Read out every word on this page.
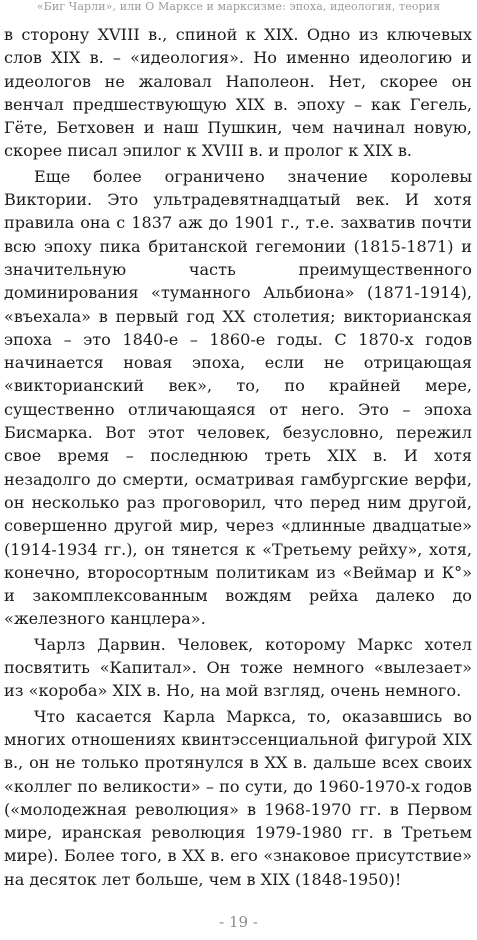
«Биг Чарли», или О Марксе и марксизме: эпоха, идеология, теория

в сторону XVIII в., спиной к XIX. Одно из ключевых слов XIX в. – «идеология». Но именно идеологию и идеологов не жаловал Наполеон. Нет, скорее он венчал предшествующую XIX в. эпоху – как Гегель, Гёте, Бетховен и наш Пушкин, чем начинал новую, скорее писал эпилог к XVIII в. и пролог к XIX в.

Еще более ограничено значение королевы Виктории. Это ультрадевятнадцатый век. И хотя правила она с 1837 аж до 1901 г., т.е. захватив почти всю эпоху пика британской гегемонии (1815-1871) и значительную часть преимущественного доминирования «туманного Альбиона» (1871-1914), «въехала» в первый год XX столетия; викторианская эпоха – это 1840-е – 1860-е годы. С 1870-х годов начинается новая эпоха, если не отрицающая «викторианский век», то, по крайней мере, существенно отличающаяся от него. Это – эпоха Бисмарка. Вот этот человек, безусловно, пережил свое время – последнюю треть XIX в. И хотя незадолго до смерти, осматривая гамбургские верфи, он несколько раз проговорил, что перед ним другой, совершенно другой мир, через «длинные двадцатые» (1914-1934 гг.), он тянется к «Третьему рейху», хотя, конечно, второсортным политикам из «Веймар и К°» и закомплексованным вождям рейха далеко до «железного канцлера».

Чарлз Дарвин. Человек, которому Маркс хотел посвятить «Капитал». Он тоже немного «вылезает» из «короба» XIX в. Но, на мой взгляд, очень немного.

Что касается Карла Маркса, то, оказавшись во многих отношениях квинтэссенциальной фигурой XIX в., он не только протянулся в XX в. дальше всех своих «коллег по великости» – по сути, до 1960-1970-х годов («молодежная революция» в 1968-1970 гг. в Первом мире, иранская революция 1979-1980 гг. в Третьем мире). Более того, в XX в. его «знаковое присутствие» на десяток лет больше, чем в XIX (1848-1950)!

- 19 -
